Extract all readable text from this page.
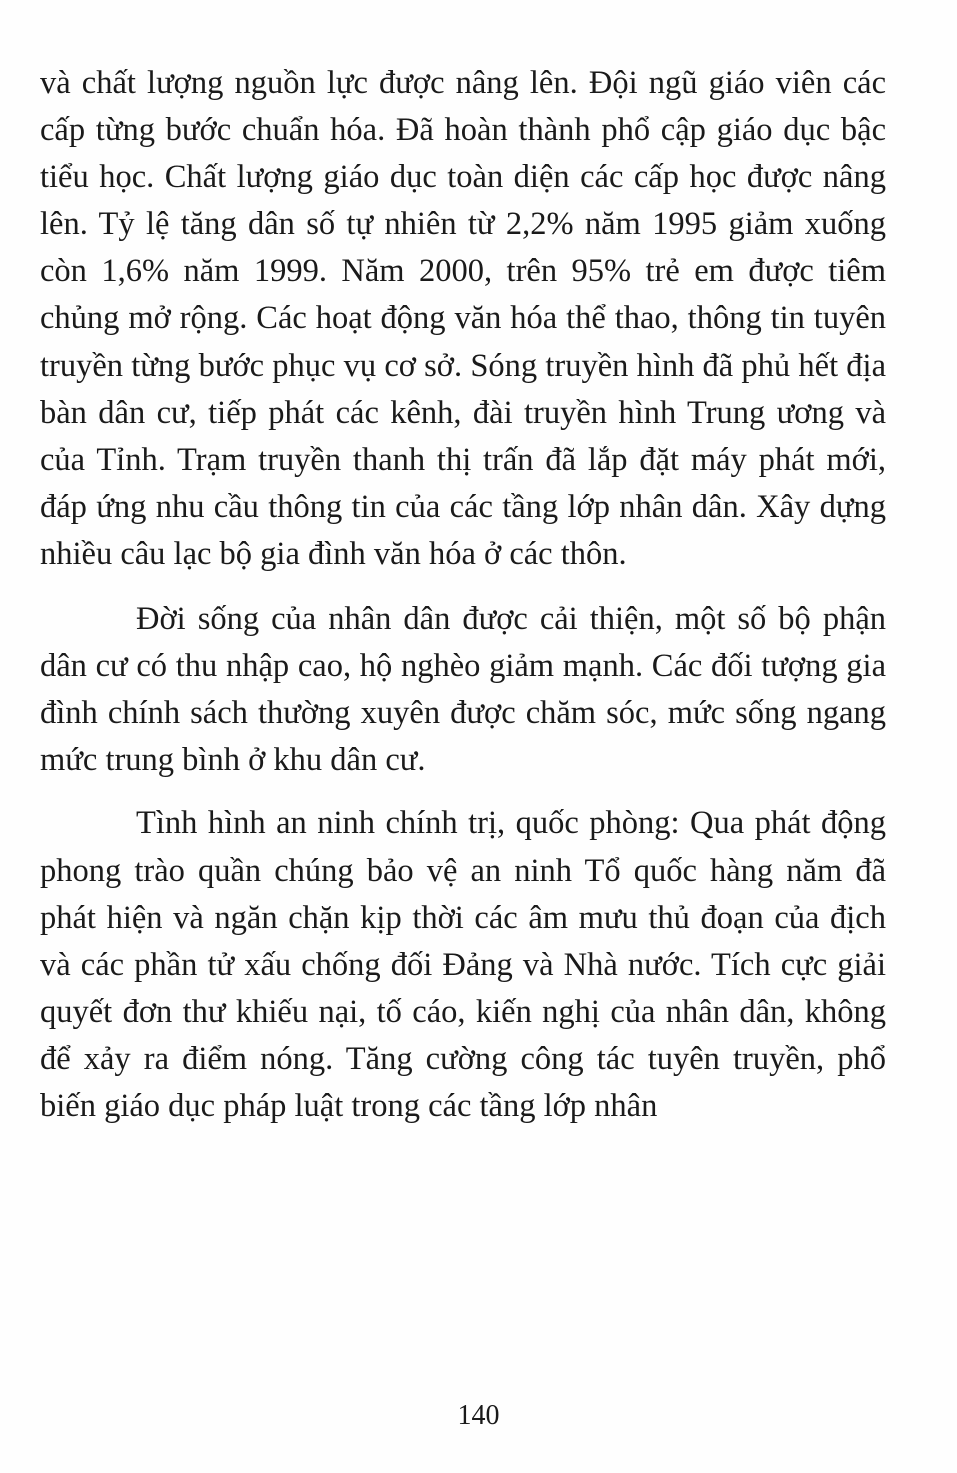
và chất lượng nguồn lực được nâng lên. Đội ngũ giáo viên các cấp từng bước chuẩn hóa. Đã hoàn thành phổ cập giáo dục bậc tiểu học. Chất lượng giáo dục toàn diện các cấp học được nâng lên. Tỷ lệ tăng dân số tự nhiên từ 2,2% năm 1995 giảm xuống còn 1,6% năm 1999. Năm 2000, trên 95% trẻ em được tiêm chủng mở rộng. Các hoạt động văn hóa thể thao, thông tin tuyên truyền từng bước phục vụ cơ sở. Sóng truyền hình đã phủ hết địa bàn dân cư, tiếp phát các kênh, đài truyền hình Trung ương và của Tỉnh. Trạm truyền thanh thị trấn đã lắp đặt máy phát mới, đáp ứng nhu cầu thông tin của các tầng lớp nhân dân. Xây dựng nhiều câu lạc bộ gia đình văn hóa ở các thôn.

Đời sống của nhân dân được cải thiện, một số bộ phận dân cư có thu nhập cao, hộ nghèo giảm mạnh. Các đối tượng gia đình chính sách thường xuyên được chăm sóc, mức sống ngang mức trung bình ở khu dân cư.

Tình hình an ninh chính trị, quốc phòng: Qua phát động phong trào quần chúng bảo vệ an ninh Tổ quốc hàng năm đã phát hiện và ngăn chặn kịp thời các âm mưu thủ đoạn của địch và các phần tử xấu chống đối Đảng và Nhà nước. Tích cực giải quyết đơn thư khiếu nại, tố cáo, kiến nghị của nhân dân, không để xảy ra điểm nóng. Tăng cường công tác tuyên truyền, phổ biến giáo dục pháp luật trong các tầng lớp nhân

140
